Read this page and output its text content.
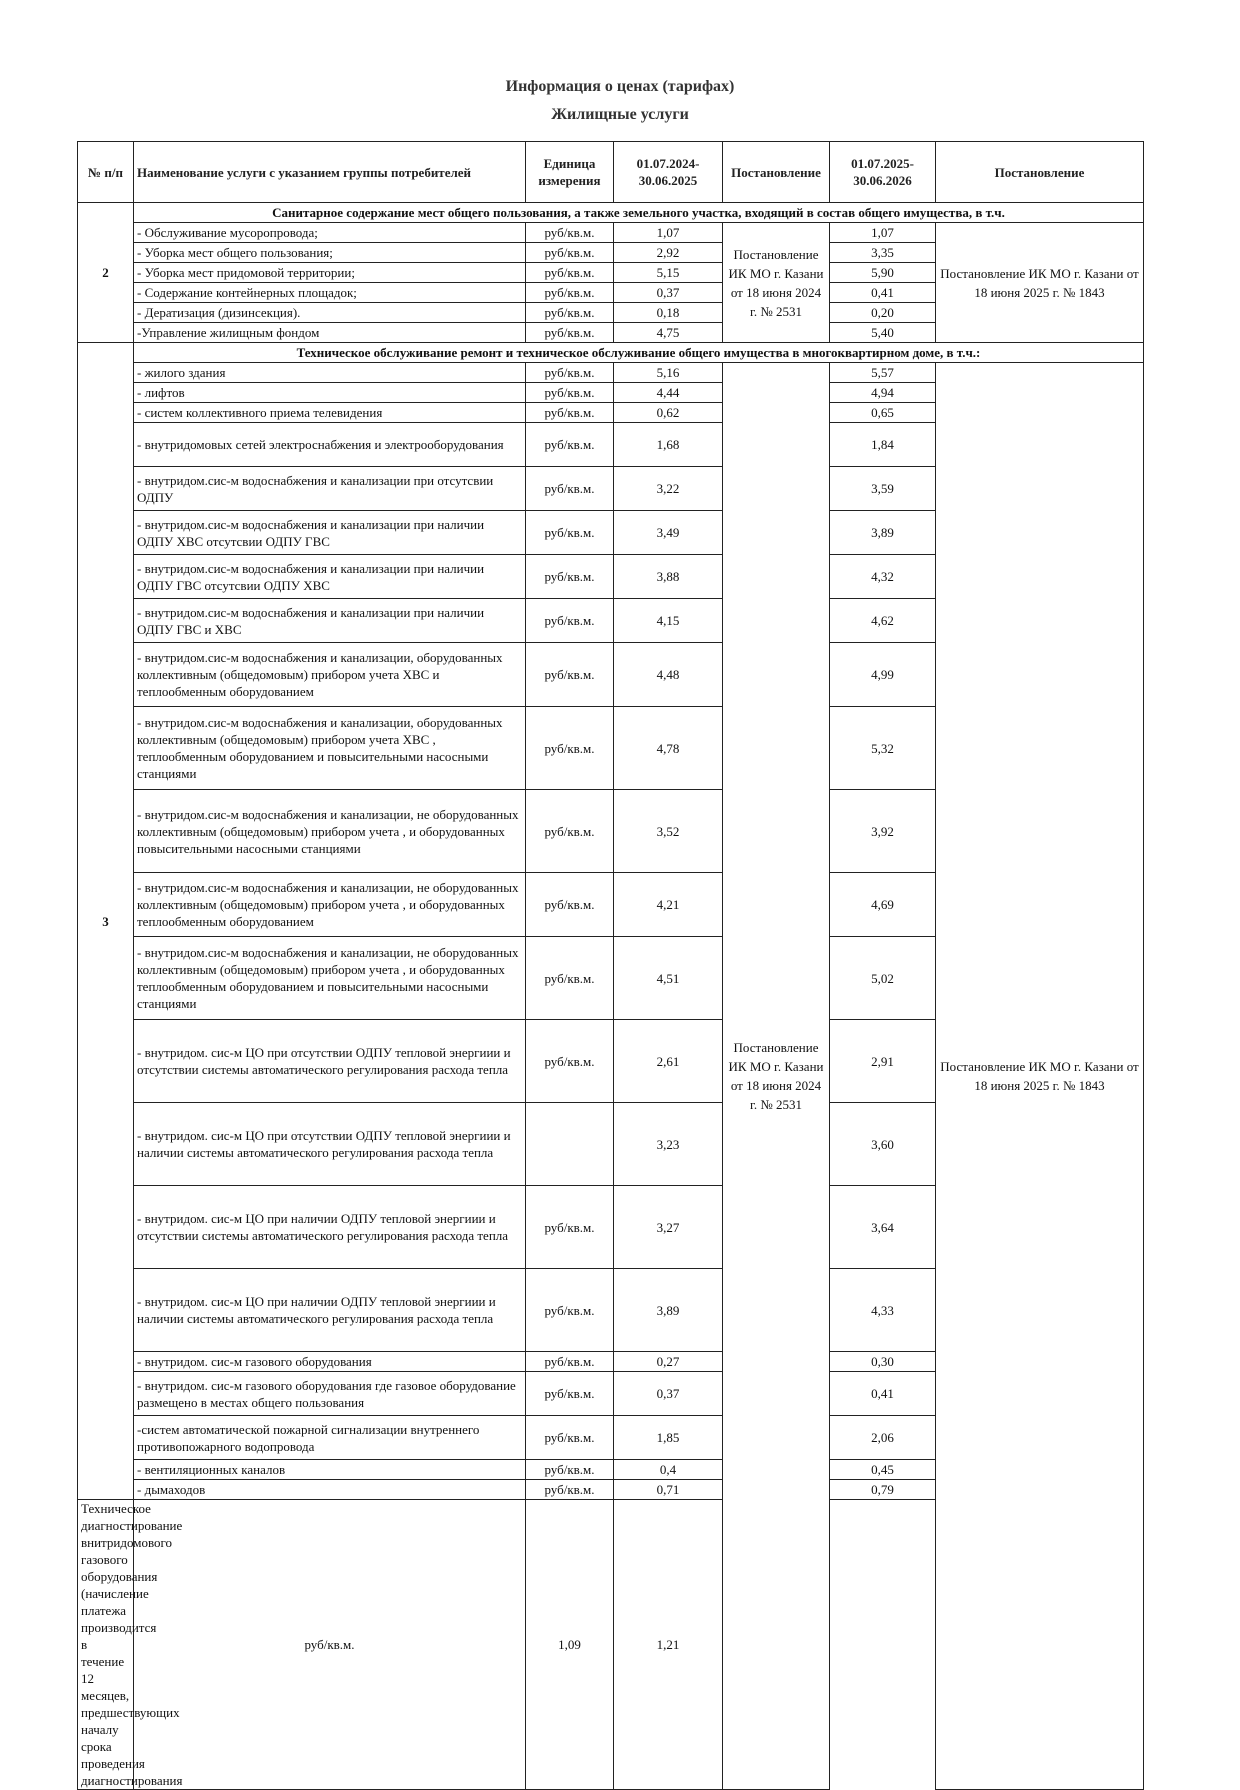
Информация о ценах (тарифах)
Жилищные услуги
№ п/п	Наименование услуги с указанием группы потребителей	Единица измерения	01.07.2024-30.06.2025	Постановление	01.07.2025-30.06.2026	Постановление
2	Санитарное содержание мест общего пользования, а также земельного участка, входящий в состав общего имущества, в т.ч.					
	- Обслуживание мусоропровода;	руб/кв.м.	1,07	Постановление ИК МО г. Казани от 18 июня 2024 г. № 2531	1,07	Постановление ИК МО г. Казани от 18 июня 2025 г. № 1843
	- Уборка мест общего пользования;	руб/кв.м.	2,92		3,35	
	- Уборка мест придомовой территории;	руб/кв.м.	5,15		5,90	
	- Содержание контейнерных площадок;	руб/кв.м.	0,37		0,41	
	- Дератизация (дизинсекция).	руб/кв.м.	0,18		0,20	
	-Управление жилищным фондом	руб/кв.м.	4,75		5,40	
3	Техническое обслуживание ремонт и техническое обслуживание общего имущества в многоквартирном доме, в т.ч.:					
	- жилого здания	руб/кв.м.	5,16	Постановление ИК МО г. Казани от 18 июня 2024 г. № 2531	5,57	Постановление ИК МО г. Казани от 18 июня 2025 г. № 1843
	- лифтов	руб/кв.м.	4,44		4,94	
	- систем коллективного приема телевидения	руб/кв.м.	0,62		0,65	
	- внутридомовых сетей электроснабжения и электрооборудования	руб/кв.м.	1,68		1,84	
	- внутридом.сис-м водоснабжения и канализации при отсутсвии ОДПУ	руб/кв.м.	3,22		3,59	
	- внутридом.сис-м водоснабжения и канализации при наличии ОДПУ ХВС отсутсвии ОДПУ ГВС	руб/кв.м.	3,49		3,89	
	- внутридом.сис-м водоснабжения и канализации при наличии ОДПУ ГВС отсутсвии ОДПУ ХВС	руб/кв.м.	3,88		4,32	
	- внутридом.сис-м водоснабжения и канализации при наличии ОДПУ ГВС и ХВС	руб/кв.м.	4,15		4,62	
	- внутридом.сис-м водоснабжения и канализации, оборудованных коллективным (общедомовым) прибором учета ХВС и теплообменным оборудованием	руб/кв.м.	4,48		4,99	
	- внутридом.сис-м водоснабжения и канализации, оборудованных коллективным (общедомовым) прибором учета ХВС , теплообменным оборудованием и повысительными насосными станциями	руб/кв.м.	4,78		5,32	
	- внутридом.сис-м водоснабжения и канализации, не оборудованных коллективным (общедомовым) прибором учета , и оборудованных повысительными насосными станциями	руб/кв.м.	3,52		3,92	
	- внутридом.сис-м водоснабжения и канализации, не оборудованных коллективным (общедомовым) прибором учета , и оборудованных теплообменным оборудованием	руб/кв.м.	4,21		4,69	
	- внутридом.сис-м водоснабжения и канализации, не оборудованных коллективным (общедомовым) прибором учета , и оборудованных теплообменным оборудованием и повысительными насосными станциями	руб/кв.м.	4,51		5,02	
	- внутридом. сис-м ЦО при отсутствии ОДПУ тепловой энергиии и отсутствии системы автоматического регулирования расхода тепла	руб/кв.м.	2,61		2,91	
	- внутридом. сис-м ЦО при отсутствии ОДПУ тепловой энергиии и наличии системы автоматического регулирования расхода тепла		3,23		3,60	
	- внутридом. сис-м ЦО при наличии ОДПУ тепловой энергиии и отсутствии системы автоматического регулирования расхода тепла	руб/кв.м.	3,27		3,64	
	- внутридом. сис-м ЦО при наличии ОДПУ тепловой энергиии и наличии системы автоматического регулирования расхода тепла	руб/кв.м.	3,89		4,33	
	- внутридом. сис-м газового оборудования	руб/кв.м.	0,27		0,30	
	- внутридом. сис-м газового оборудования где газовое оборудование размещено в местах общего пользования	руб/кв.м.	0,37		0,41	
	-систем автоматической пожарной сигнализации внутреннего противопожарного водопровода	руб/кв.м.	1,85		2,06	
	- вентиляционных каналов	руб/кв.м.	0,4		0,45	
	- дымаходов	руб/кв.м.	0,71		0,79	
Техническое диагностирование внитридомового газового оборудования (начисление платежа производится в течение 12 месяцев, предшествующих началу срока проведения диагностирования	руб/кв.м.	1,09	1,21			
